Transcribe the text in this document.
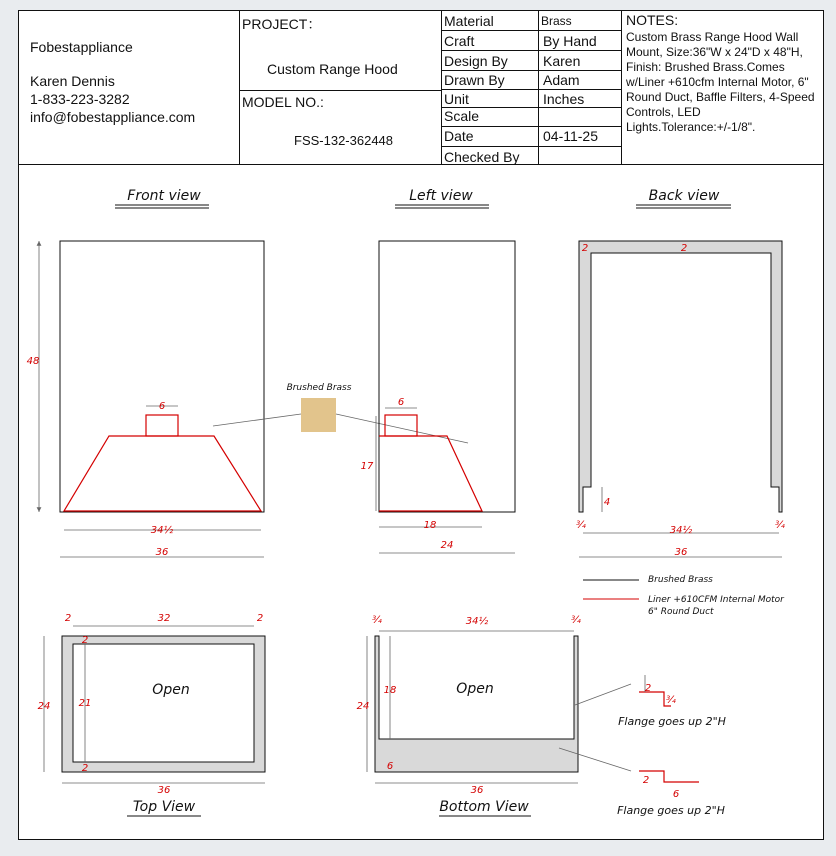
Fobestappliance
Karen Dennis
1-833-223-3282
info@fobestappliance.com
PROJECT：
Custom Range Hood
MODEL NO.:
FSS-132-362448
Material	Brass
Craft	By Hand
Design By	Karen
Drawn By	Adam
Unit	Inches
Scale
Date	04-11-25
Checked By
NOTES:
Custom Brass Range Hood Wall Mount, Size:36"W x 24"D x 48"H, Finish: Brushed Brass.Comes w/Liner +610cfm Internal Motor, 6" Round Duct, Baffle Filters, 4-Speed Controls, LED Lights.Tolerance:+/-1/8".
Front view	Left view	Back view
Top View	Bottom View
48
6
34½
36
Brushed Brass
6
17
18
24
2	2
4
¾	34½	¾
36
Brushed Brass
Liner +610CFM Internal Motor
6" Round Duct
Open
2	32	2
24	21
2
2
36
Open
¾	34½	¾
24
18
6
36
2
¾
Flange goes up 2"H
2
6
Flange goes up 2"H
